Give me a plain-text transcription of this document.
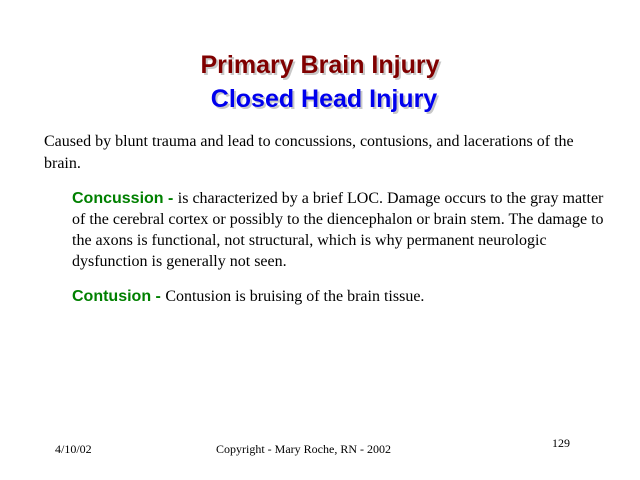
Primary Brain Injury
Closed Head Injury
Caused by blunt trauma and lead to concussions, contusions, and lacerations of the brain.
Concussion - is characterized by a brief LOC. Damage occurs to the gray matter of the cerebral cortex or possibly to the diencephalon or brain stem. The damage to the axons is functional, not structural, which is why permanent neurologic dysfunction is generally not seen.
Contusion - Contusion is bruising of the brain tissue.
4/10/02	Copyright - Mary Roche, RN - 2002	129
